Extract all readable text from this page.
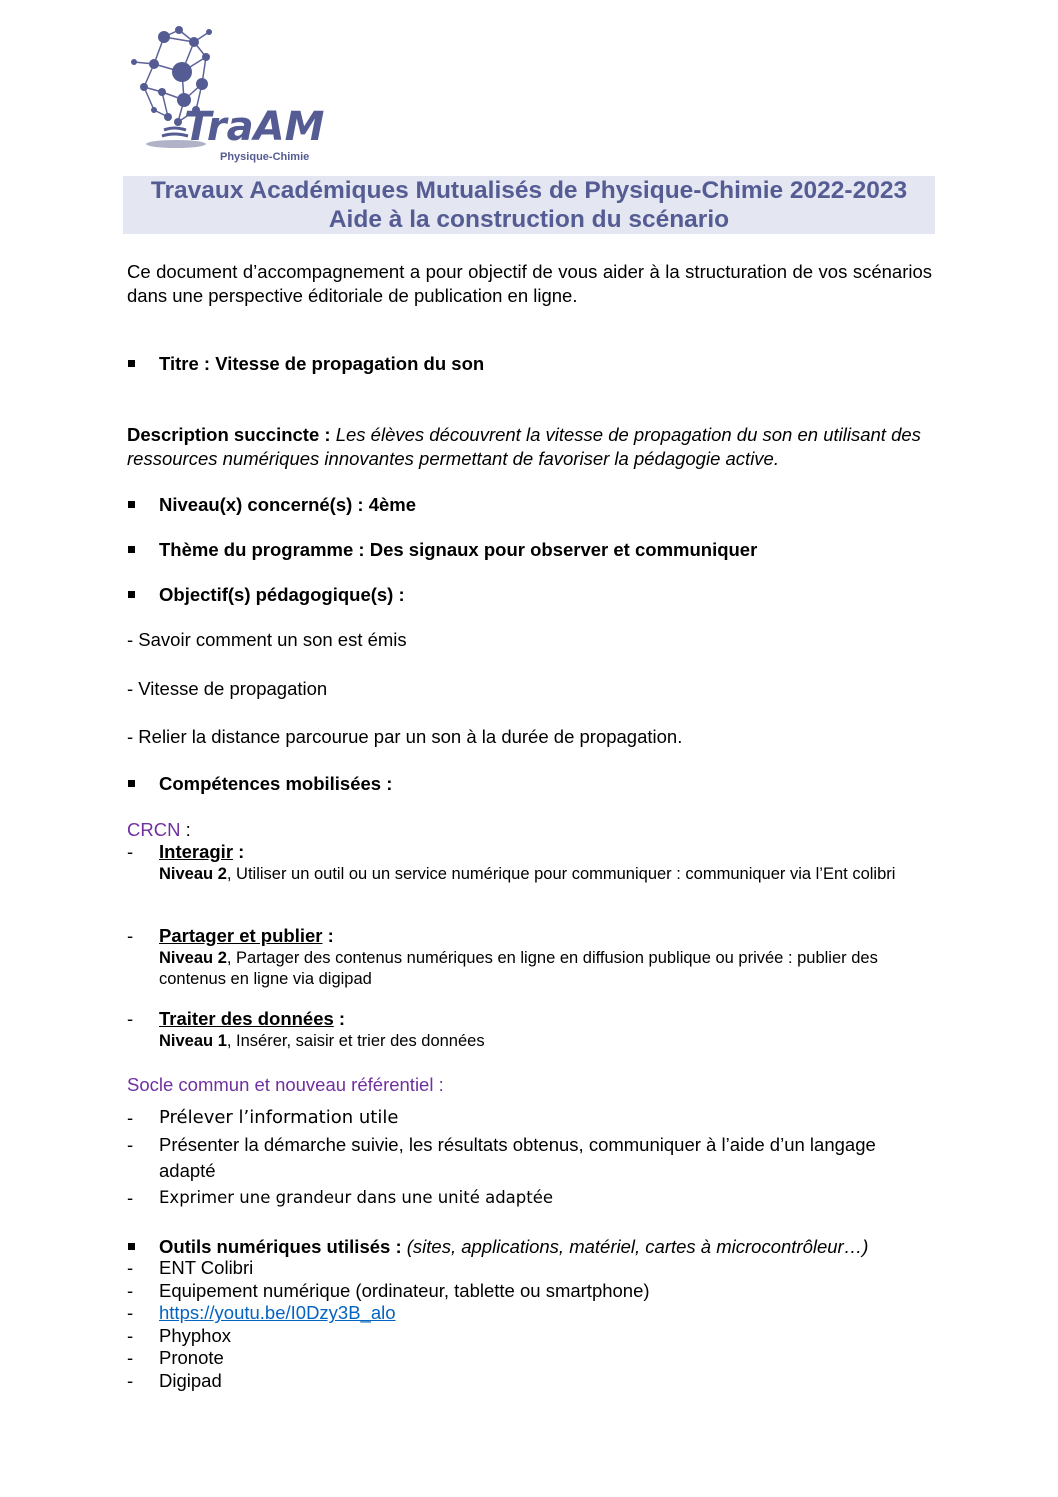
TraAM
Physique-Chimie
Travaux Académiques Mutualisés de Physique-Chimie 2022-2023
Aide à la construction du scénario
Ce document d’accompagnement a pour objectif de vous aider à la structuration de vos scénarios dans une perspective éditoriale de publication en ligne.
Titre : Vitesse de propagation du son
Description succincte : Les élèves découvrent la vitesse de propagation du son en utilisant des ressources numériques innovantes permettant de favoriser la pédagogie active.
Niveau(x) concerné(s) : 4ème
Thème du programme : Des signaux pour observer et communiquer
Objectif(s) pédagogique(s) :
- Savoir comment un son est émis
- Vitesse de propagation
- Relier la distance parcourue par un son à la durée de propagation.
Compétences mobilisées :
CRCN :
-	Interagir :
Niveau 2, Utiliser un outil ou un service numérique pour communiquer : communiquer via l’Ent colibri
-	Partager et publier :
Niveau 2, Partager des contenus numériques en ligne en diffusion publique ou privée : publier des contenus en ligne via digipad
-	Traiter des données :
Niveau 1, Insérer, saisir et trier des données
Socle commun et nouveau référentiel :
-	Prélever l’information utile
-	Présenter la démarche suivie, les résultats obtenus, communiquer à l’aide d’un langage adapté
-	Exprimer une grandeur dans une unité adaptée
Outils numériques utilisés : (sites, applications, matériel, cartes à microcontrôleur…)
-	ENT Colibri
-	Equipement numérique (ordinateur, tablette ou smartphone)
-	https://youtu.be/I0Dzy3B_alo
-	Phyphox
-	Pronote
-	Digipad
